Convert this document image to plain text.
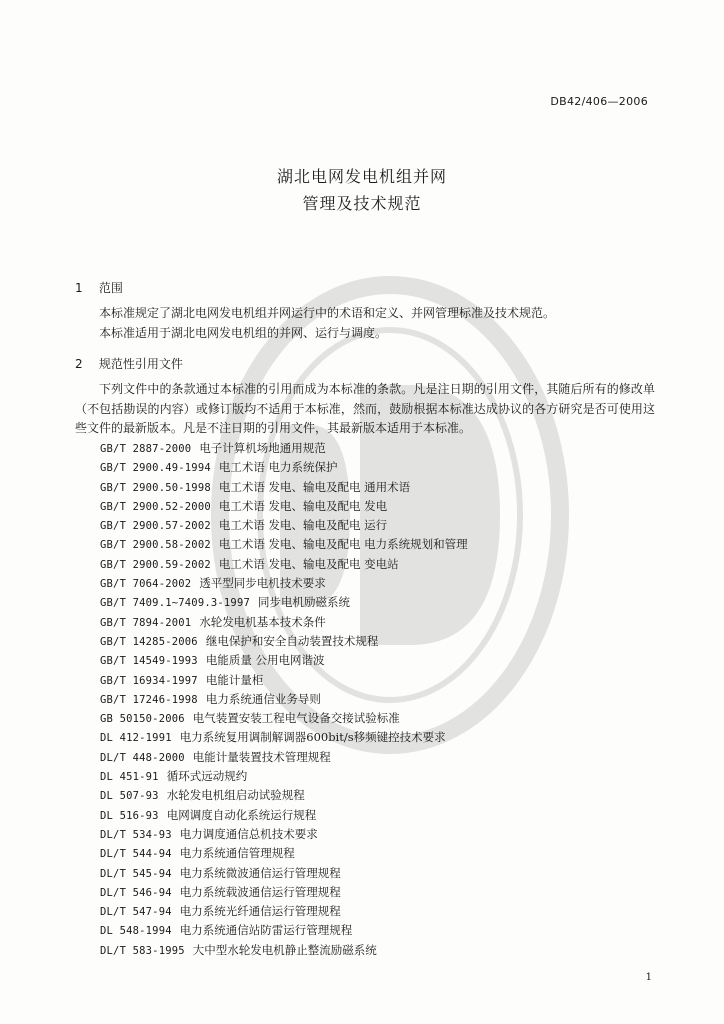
DB42/406—2006
湖北电网发电机组并网
管理及技术规范
1 范围
本标准规定了湖北电网发电机组并网运行中的术语和定义、并网管理标准及技术规范。
本标准适用于湖北电网发电机组的并网、运行与调度。
2 规范性引用文件
下列文件中的条款通过本标准的引用而成为本标准的条款。凡是注日期的引用文件，其随后所有的修改单（不包括勘误的内容）或修订版均不适用于本标准，然而，鼓励根据本标准达成协议的各方研究是否可使用这些文件的最新版本。凡是不注日期的引用文件，其最新版本适用于本标准。
GB/T 2887-2000 电子计算机场地通用规范
GB/T 2900.49-1994 电工术语 电力系统保护
GB/T 2900.50-1998 电工术语 发电、输电及配电 通用术语
GB/T 2900.52-2000 电工术语 发电、输电及配电 发电
GB/T 2900.57-2002 电工术语 发电、输电及配电 运行
GB/T 2900.58-2002 电工术语 发电、输电及配电 电力系统规划和管理
GB/T 2900.59-2002 电工术语 发电、输电及配电 变电站
GB/T 7064-2002 透平型同步电机技术要求
GB/T 7409.1~7409.3-1997 同步电机励磁系统
GB/T 7894-2001 水轮发电机基本技术条件
GB/T 14285-2006 继电保护和安全自动装置技术规程
GB/T 14549-1993 电能质量 公用电网谐波
GB/T 16934-1997 电能计量柜
GB/T 17246-1998 电力系统通信业务导则
GB 50150-2006 电气装置安装工程电气设备交接试验标准
DL 412-1991 电力系统复用调制解调器600bit/s移频键控技术要求
DL/T 448-2000 电能计量装置技术管理规程
DL 451-91 循环式远动规约
DL 507-93 水轮发电机组启动试验规程
DL 516-93 电网调度自动化系统运行规程
DL/T 534-93 电力调度通信总机技术要求
DL/T 544-94 电力系统通信管理规程
DL/T 545-94 电力系统微波通信运行管理规程
DL/T 546-94 电力系统载波通信运行管理规程
DL/T 547-94 电力系统光纤通信运行管理规程
DL 548-1994 电力系统通信站防雷运行管理规程
DL/T 583-1995 大中型水轮发电机静止整流励磁系统
1
